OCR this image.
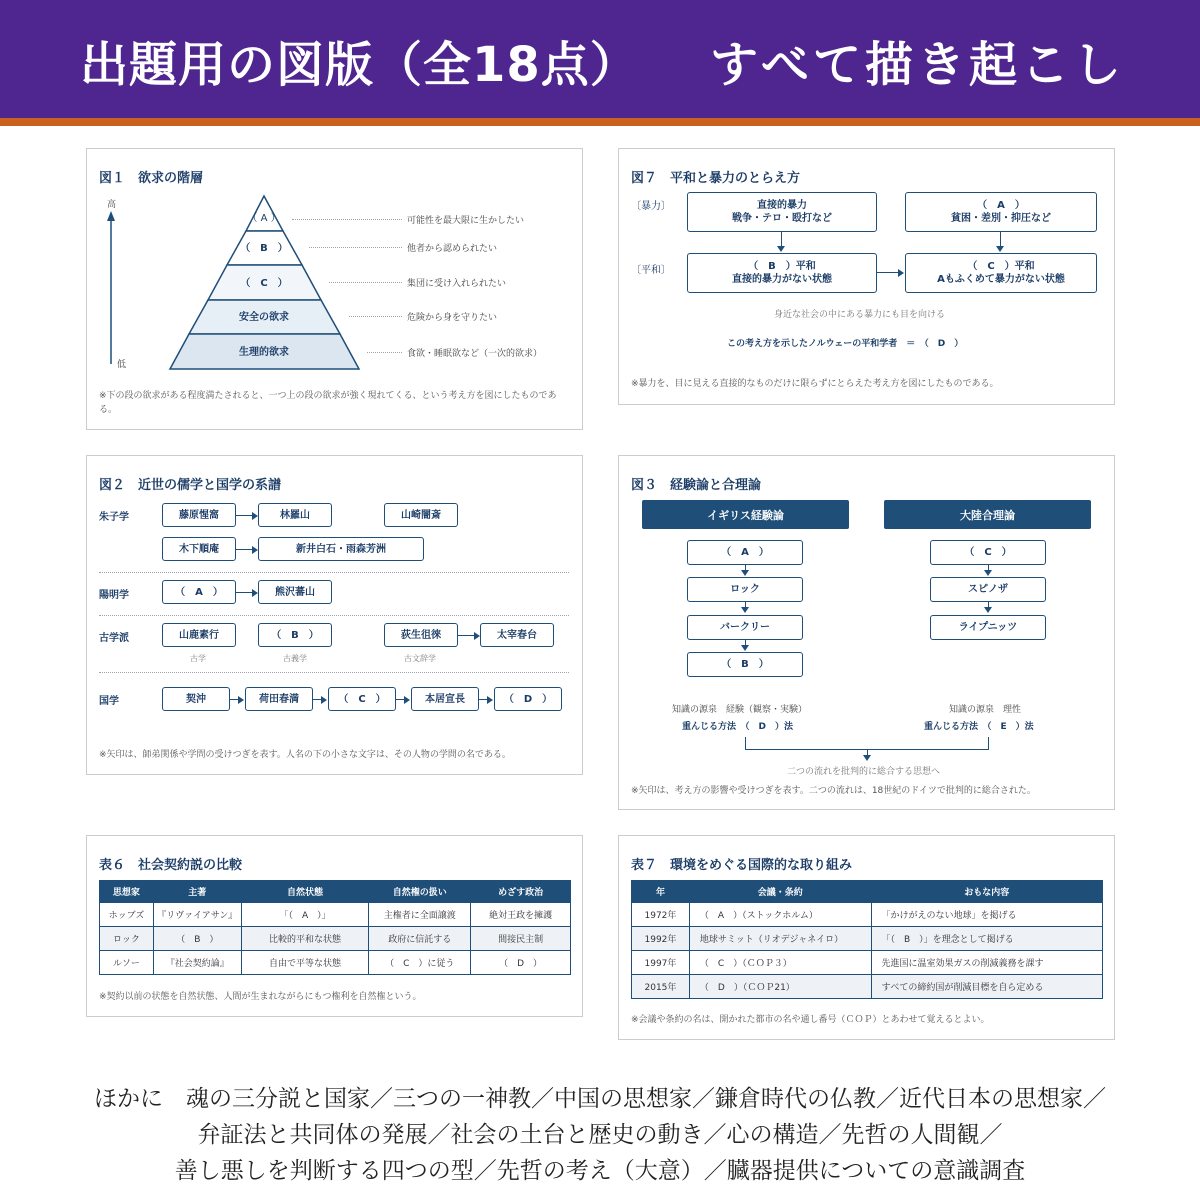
出題用の図版（全18点） すべて描き起こし
図１　欲求の階層
高
低
（ A ）
（　B　）
（　C　）
安全の欲求
生理的欲求
可能性を最大限に生かしたい
他者から認められたい
集団に受け入れられたい
危険から身を守りたい
食欲・睡眠欲など（一次的欲求）
※下の段の欲求がある程度満たされると、一つ上の段の欲求が強く現れてくる、という考え方を図にしたものである。
図７　平和と暴力のとらえ方
〔暴力〕
〔平和〕
直接的暴力
戦争・テロ・殴打など
（　A　）
貧困・差別・抑圧など
（　B　）平和
直接的暴力がない状態
（　C　）平和
Aもふくめて暴力がない状態
身近な社会の中にある暴力にも目を向ける
この考え方を示したノルウェーの平和学者　＝　（　D　）
※暴力を、目に見える直接的なものだけに限らずにとらえた考え方を図にしたものである。
図２　近世の儒学と国学の系譜
朱子学
陽明学
古学派
国学
藤原惺窩	林羅山	山崎闇斎
木下順庵	新井白石・雨森芳洲
（　A　）	熊沢蕃山
山鹿素行	（　B　）	荻生徂徠	太宰春台
古学	古義学	古文辞学
契沖	荷田春満	（　C　）	本居宣長	（　D　）
※矢印は、師弟関係や学問の受けつぎを表す。人名の下の小さな文字は、その人物の学問の名である。
図３　経験論と合理論
イギリス経験論	大陸合理論
（　A　）
ロック
バークリー
（　B　）
（　C　）
スピノザ
ライプニッツ
知識の源泉　経験（観察・実験）
重んじる方法　（　D　）法
知識の源泉　理性
重んじる方法　（　E　）法
二つの流れを批判的に総合する思想へ
※矢印は、考え方の影響や受けつぎを表す。二つの流れは、18世紀のドイツで批判的に総合された。
表６　社会契約説の比較
思想家	主著	自然状態	自然権の扱い	めざす政治
ホッブズ	『リヴァイアサン』	「（　A　）」	主権者に全面譲渡	絶対王政を擁護
ロック	（　B　）	比較的平和な状態	政府に信託する	間接民主制
ルソー	『社会契約論』	自由で平等な状態	（　C　）に従う	（　D　）
※契約以前の状態を自然状態、人間が生まれながらにもつ権利を自然権という。
表７　環境をめぐる国際的な取り組み
年	会議・条約	おもな内容
1972年	（　A　）（ストックホルム）	「かけがえのない地球」を掲げる
1992年	地球サミット（リオデジャネイロ）	「（　B　）」を理念として掲げる
1997年	（　C　）（ＣＯＰ３）	先進国に温室効果ガスの削減義務を課す
2015年	（　D　）（ＣＯＰ21）	すべての締約国が削減目標を自ら定める
※会議や条約の名は、開かれた都市の名や通し番号（ＣＯＰ）とあわせて覚えるとよい。
ほかに　魂の三分説と国家／三つの一神教／中国の思想家／鎌倉時代の仏教／近代日本の思想家／
弁証法と共同体の発展／社会の土台と歴史の動き／心の構造／先哲の人間観／
善し悪しを判断する四つの型／先哲の考え（大意）／臓器提供についての意識調査
